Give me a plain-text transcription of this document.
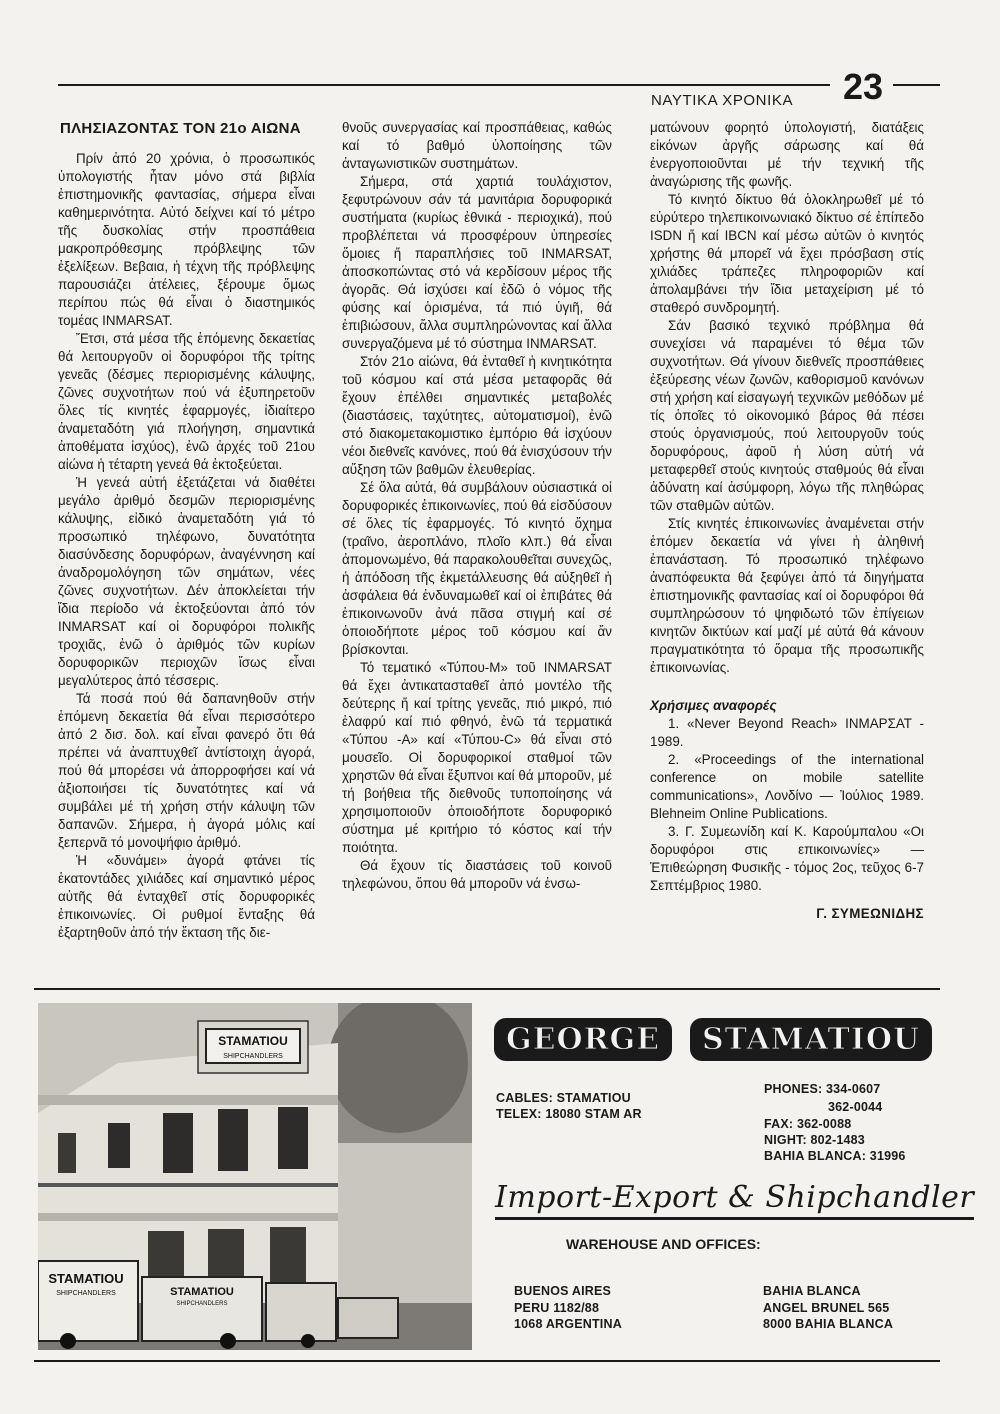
ΝΑΥΤΙΚΑ ΧΡΟΝΙΚΑ 23
ΠΛΗΣΙΑΖΟΝΤΑΣ ΤΟΝ 21ο ΑΙΩΝΑ

Πρίν ἀπό 20 χρόνια, ὁ προσωπικός ὑπολογιστής ἦταν μόνο στά βιβλία ἐπιστημονικῆς φαντασίας, σήμερα εἶναι καθημερινότητα. Αὐτό δείχνει καί τό μέτρο τῆς δυσκολίας στήν προσπάθεια μακροπρόθεσμης πρόβλεψης τῶν ἐξελίξεων. Βεβαια, ἡ τέχνη τῆς πρόβλεψης παρουσιάζει ἀτέλειες, ξέρουμε ὅμως περίπου πώς θά εἶναι ὁ διαστημικός τομέας INMARSAT.

Ἔτσι, στά μέσα τῆς ἑπόμενης δεκαετίας θά λειτουργοῦν οἱ δορυφόροι τῆς τρίτης γενεᾶς (δέσμες περιορισμένης κάλυψης, ζῶνες συχνοτήτων πού νά ἐξυπηρετοῦν ὅλες τίς κινητές ἐφαρμογές, ἰδιαίτερο ἀναμεταδότη γιά πλοήγηση, σημαντικά ἀποθέματα ἰσχύος), ἐνῶ ἀρχές τοῦ 21ου αἰώνα ἡ τέταρτη γενεά θά ἐκτοξεύεται.

Ἡ γενεά αὐτή ἐξετάζεται νά διαθέτει μεγάλο ἀριθμό δεσμῶν περιορισμένης κάλυψης, εἰδικό ἀναμεταδότη γιά τό προσωπικό τηλέφωνο, δυνατότητα διασύνδεσης δορυφόρων, ἀναγέννηση καί ἀναδρομολόγηση τῶν σημάτων, νέες ζῶνες συχνοτήτων. Δέν ἀποκλείεται τήν ἴδια περίοδο νά ἐκτοξεύονται ἀπό τόν INMARSAT καί οἱ δορυφόροι πολικῆς τροχιᾶς, ἐνῶ ὁ ἀριθμός τῶν κυρίων δορυφορικῶν περιοχῶν ἴσως εἶναι μεγαλύτερος ἀπό τέσσερις.

Τά ποσά πού θά δαπανηθοῦν στήν ἑπόμενη δεκαετία θά εἶναι περισσότερο ἀπό 2 δισ. δολ. καί εἶναι φανερό ὅτι θά πρέπει νά ἀναπτυχθεῖ ἀντίστοιχη ἀγορά, πού θά μπορέσει νά ἀπορροφήσει καί νά ἀξιοποιήσει τίς δυνατότητες καί νά συμβάλει μέ τή χρήση στήν κάλυψη τῶν δαπανῶν. Σήμερα, ἡ ἀγορά μόλις καί ξεπερνᾶ τό μονοψήφιο ἀριθμό.

Ἡ «δυνάμει» ἀγορά φτάνει τίς ἑκατοντάδες χιλιάδες καί σημαντικό μέρος αὐτῆς θά ἐνταχθεῖ στίς δορυφορικές ἐπικοινωνίες. Οἱ ρυθμοί ἔνταξης θά ἐξαρτηθοῦν ἀπό τήν ἔκταση τῆς διε-

θνοῦς συνεργασίας καί προσπάθειας, καθώς καί τό βαθμό ὑλοποίησης τῶν ἀνταγωνιστικῶν συστημάτων.

Σήμερα, στά χαρτιά τουλάχιστον, ξεφυτρώνουν σάν τά μανιτάρια δορυφορικά συστήματα (κυρίως ἐθνικά - περιοχικά), πού προβλέπεται νά προσφέρουν ὑπηρεσίες ὅμοιες ἤ παραπλήσιες τοῦ INMARSAT, ἀποσκοπώντας στό νά κερδίσουν μέρος τῆς ἀγορᾶς. Θά ἰσχύσει καί ἐδῶ ὁ νόμος τῆς φύσης καί ὁρισμένα, τά πιό ὑγιῆ, θά ἐπιβιώσουν, ἄλλα συμπληρώνοντας καί ἄλλα συνεργαζόμενα μέ τό σύστημα INMARSAT.

Στόν 21ο αἰώνα, θά ἐνταθεῖ ἡ κινητικότητα τοῦ κόσμου καί στά μέσα μεταφορᾶς θά ἔχουν ἐπέλθει σημαντικές μεταβολές (διαστάσεις, ταχύτητες, αὐτοματισμοί), ἐνῶ στό διακομετακομιστικο ἐμπόριο θά ἰσχύουν νέοι διεθνεῖς κανόνες, πού θά ἐνισχύσουν τήν αὔξηση τῶν βαθμῶν ἐλευθερίας.

Σέ ὅλα αὐτά, θά συμβάλουν οὐσιαστικά οἱ δορυφορικές ἐπικοινωνίες, πού θά εἰσδύσουν σέ ὅλες τίς ἐφαρμογές. Τό κινητό ὄχημα (τραῖνο, ἀεροπλάνο, πλοῖο κλπ.) θά εἶναι ἀπομονωμένο, θά παρακολουθεῖται συνεχῶς, ἡ ἀπόδοση τῆς ἐκμετάλλευσης θά αὐξηθεῖ ἡ ἀσφάλεια θά ἐνδυναμωθεῖ καί οἱ ἐπιβάτες θά ἐπικοινωνοῦν ἀνά πᾶσα στιγμή καί σέ ὁποιοδήποτε μέρος τοῦ κόσμου καί ἄν βρίσκονται.

Τό τεματικό «Τύπου-Μ» τοῦ INMARSAT θά ἔχει ἀντικατασταθεῖ ἀπό μοντέλο τῆς δεύτερης ἤ καί τρίτης γενεᾶς, πιό μικρό, πιό ἐλαφρύ καί πιό φθηνό, ἐνῶ τά τερματικά «Τύπου -Α» καί «Τύπου-C» θά εἶναι στό μουσεῖο. Οἱ δορυφορικοί σταθμοί τῶν χρηστῶν θά εἶναι ἔξυπνοι καί θά μποροῦν, μέ τή βοήθεια τῆς διεθνοῦς τυποποίησης νά χρησιμοποιοῦν ὁποιοδήποτε δορυφορικό σύστημα μέ κριτήριο τό κόστος καί τήν ποιότητα.

Θά ἔχουν τίς διαστάσεις τοῦ κοινοῦ τηλεφώνου, ὅπου θά μποροῦν νά ἐνσω-

ματώνουν φορητό ὑπολογιστή, διατάξεις εἰκόνων ἀργῆς σάρωσης καί θά ἐνεργοποιοῦνται μέ τήν τεχνική τῆς ἀναγώρισης τῆς φωνῆς.

Τό κινητό δίκτυο θά ὁλοκληρωθεῖ μέ τό εὐρύτερο τηλεπικοινωνιακό δίκτυο σέ ἐπίπεδο ISDN ἤ καί IBCN καί μέσω αὐτῶν ὁ κινητός χρήστης θά μπορεῖ νά ἔχει πρόσβαση στίς χιλιάδες τράπεζες πληροφοριῶν καί ἀπολαμβάνει τήν ἴδια μεταχείριση μέ τό σταθερό συνδρομητή.

Σάν βασικό τεχνικό πρόβλημα θά συνεχίσει νά παραμένει τό θέμα τῶν συχνοτήτων. Θά γίνουν διεθνεῖς προσπάθειες ἐξεύρεσης νέων ζωνῶν, καθορισμοῦ κανόνων στή χρήση καί εἰσαγωγή τεχνικῶν μεθόδων μέ τίς ὁποῖες τό οἰκονομικό βάρος θά πέσει στούς ὀργανισμούς, πού λειτουργοῦν τούς δορυφόρους, ἀφοῦ ἡ λύση αὐτή νά μεταφερθεῖ στούς κινητούς σταθμούς θά εἶναι ἀδύνατη καί ἀσύμφορη, λόγω τῆς πληθώρας τῶν σταθμῶν αὐτῶν.

Στίς κινητές ἐπικοινωνίες ἀναμένεται στήν ἑπόμεν δεκαετία νά γίνει ἡ ἀληθινή ἐπανάσταση. Τό προσωπικό τηλέφωνο ἀναπόφευκτα θά ξεφύγει ἀπό τά διηγήματα ἐπιστημονικῆς φαντασίας καί οἱ δορυφόροι θά συμπληρώσουν τό ψηφιδωτό τῶν ἐπίγειων κινητῶν δικτύων καί μαζί μέ αὐτά θά κάνουν πραγματικότητα τό ὅραμα τῆς προσωπικῆς ἐπικοινωνίας.

Χρήσιμες αναφορές

1. «Never Beyond Reach» ΙΝΜΑΡΣΑΤ - 1989.

2. «Proceedings of the international conference on mobile satellite communications», Λονδίνο — Ἰούλιος 1989. Blehneim Online Publications.

3. Γ. Συμεωνίδη καί Κ. Καρούμπαλου «Οι δορυφόροι στις επικοινωνίες» — Ἐπιθεώρηση Φυσικῆς - τόμος 2ος, τεῦχος 6-7 Σεπτέμβριος 1980.

Γ. ΣΥΜΕΩΝΙΔΗΣ
STAMATIOU
SHIPCHANDLERS
STAMATIOU
SHIPCHANDLERS	STAMATIOU
SHIPCHANDLERS
GEORGE	STAMATIOU
CABLES: STAMATIOU
TELEX: 18080 STAM AR
PHONES: 334-0607
362-0044
FAX: 362-0088
NIGHT: 802-1483
BAHIA BLANCA: 31996
Import-Export & Shipchandler
WAREHOUSE AND OFFICES:
BUENOS AIRES
PERU 1182/88
1068 ARGENTINA
BAHIA BLANCA
ANGEL BRUNEL 565
8000 BAHIA BLANCA
